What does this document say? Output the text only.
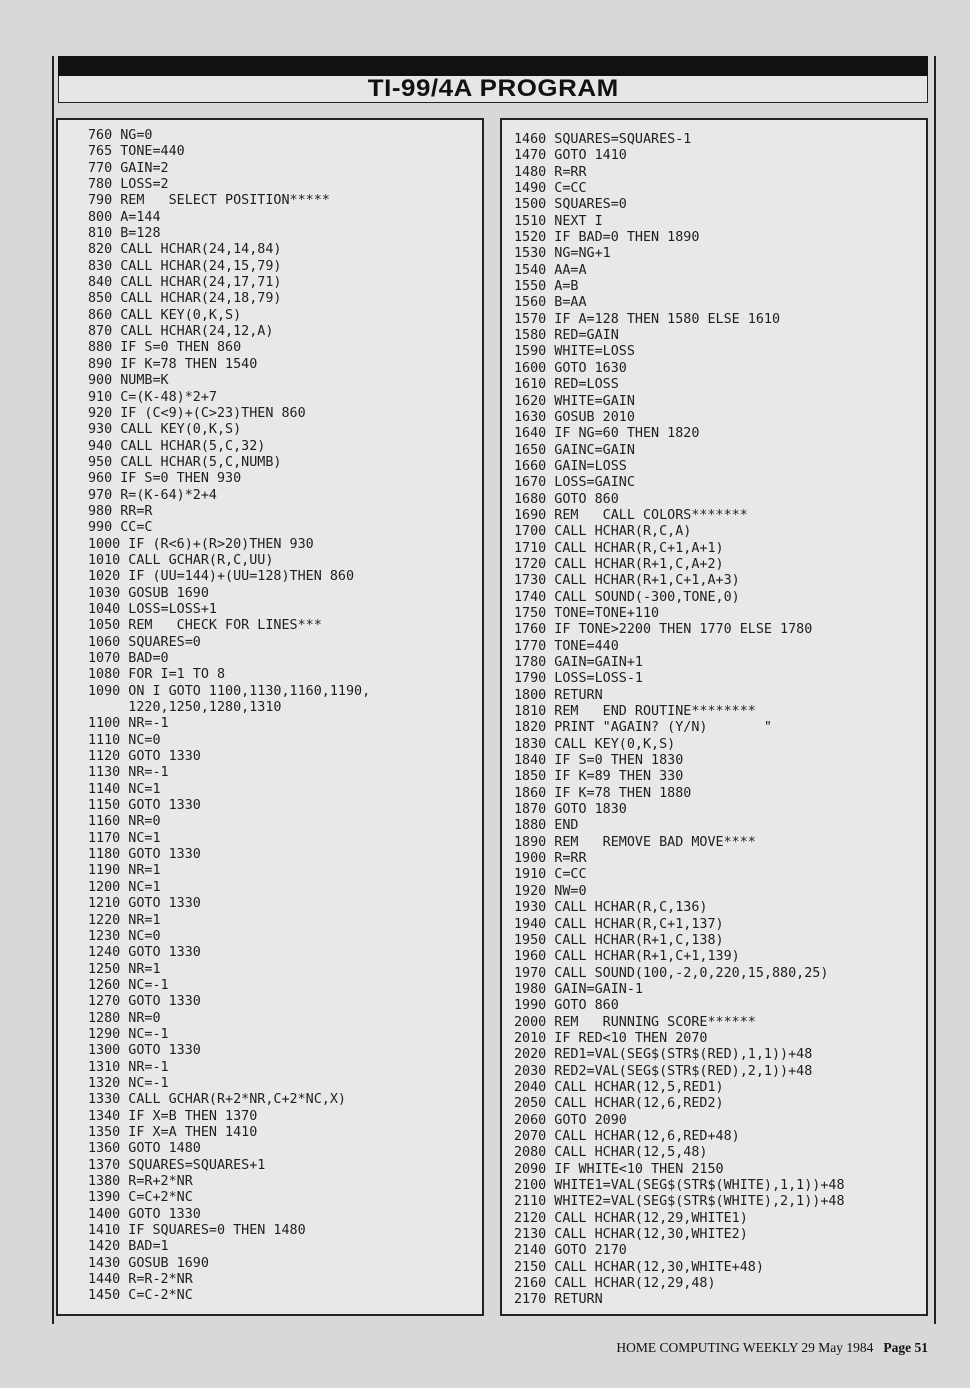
TI-99/4A PROGRAM
760 NG=0
765 TONE=440
770 GAIN=2
780 LOSS=2
790 REM   SELECT POSITION*****
800 A=144
810 B=128
820 CALL HCHAR(24,14,84)
830 CALL HCHAR(24,15,79)
840 CALL HCHAR(24,17,71)
850 CALL HCHAR(24,18,79)
860 CALL KEY(0,K,S)
870 CALL HCHAR(24,12,A)
880 IF S=0 THEN 860
890 IF K=78 THEN 1540
900 NUMB=K
910 C=(K-48)*2+7
920 IF (C<9)+(C>23)THEN 860
930 CALL KEY(0,K,S)
940 CALL HCHAR(5,C,32)
950 CALL HCHAR(5,C,NUMB)
960 IF S=0 THEN 930
970 R=(K-64)*2+4
980 RR=R
990 CC=C
1000 IF (R<6)+(R>20)THEN 930
1010 CALL GCHAR(R,C,UU)
1020 IF (UU=144)+(UU=128)THEN 860
1030 GOSUB 1690
1040 LOSS=LOSS+1
1050 REM   CHECK FOR LINES***
1060 SQUARES=0
1070 BAD=0
1080 FOR I=1 TO 8
1090 ON I GOTO 1100,1130,1160,1190,
1220,1250,1280,1310
1100 NR=-1
1110 NC=0
1120 GOTO 1330
1130 NR=-1
1140 NC=1
1150 GOTO 1330
1160 NR=0
1170 NC=1
1180 GOTO 1330
1190 NR=1
1200 NC=1
1210 GOTO 1330
1220 NR=1
1230 NC=0
1240 GOTO 1330
1250 NR=1
1260 NC=-1
1270 GOTO 1330
1280 NR=0
1290 NC=-1
1300 GOTO 1330
1310 NR=-1
1320 NC=-1
1330 CALL GCHAR(R+2*NR,C+2*NC,X)
1340 IF X=B THEN 1370
1350 IF X=A THEN 1410
1360 GOTO 1480
1370 SQUARES=SQUARES+1
1380 R=R+2*NR
1390 C=C+2*NC
1400 GOTO 1330
1410 IF SQUARES=0 THEN 1480
1420 BAD=1
1430 GOSUB 1690
1440 R=R-2*NR
1450 C=C-2*NC
1460 SQUARES=SQUARES-1
1470 GOTO 1410
1480 R=RR
1490 C=CC
1500 SQUARES=0
1510 NEXT I
1520 IF BAD=0 THEN 1890
1530 NG=NG+1
1540 AA=A
1550 A=B
1560 B=AA
1570 IF A=128 THEN 1580 ELSE 1610
1580 RED=GAIN
1590 WHITE=LOSS
1600 GOTO 1630
1610 RED=LOSS
1620 WHITE=GAIN
1630 GOSUB 2010
1640 IF NG=60 THEN 1820
1650 GAINC=GAIN
1660 GAIN=LOSS
1670 LOSS=GAINC
1680 GOTO 860
1690 REM   CALL COLORS*******
1700 CALL HCHAR(R,C,A)
1710 CALL HCHAR(R,C+1,A+1)
1720 CALL HCHAR(R+1,C,A+2)
1730 CALL HCHAR(R+1,C+1,A+3)
1740 CALL SOUND(-300,TONE,0)
1750 TONE=TONE+110
1760 IF TONE>2200 THEN 1770 ELSE 1780
1770 TONE=440
1780 GAIN=GAIN+1
1790 LOSS=LOSS-1
1800 RETURN
1810 REM   END ROUTINE********
1820 PRINT "AGAIN? (Y/N)       "
1830 CALL KEY(0,K,S)
1840 IF S=0 THEN 1830
1850 IF K=89 THEN 330
1860 IF K=78 THEN 1880
1870 GOTO 1830
1880 END
1890 REM   REMOVE BAD MOVE****
1900 R=RR
1910 C=CC
1920 NW=0
1930 CALL HCHAR(R,C,136)
1940 CALL HCHAR(R,C+1,137)
1950 CALL HCHAR(R+1,C,138)
1960 CALL HCHAR(R+1,C+1,139)
1970 CALL SOUND(100,-2,0,220,15,880,25)
1980 GAIN=GAIN-1
1990 GOTO 860
2000 REM   RUNNING SCORE******
2010 IF RED<10 THEN 2070
2020 RED1=VAL(SEG$(STR$(RED),1,1))+48
2030 RED2=VAL(SEG$(STR$(RED),2,1))+48
2040 CALL HCHAR(12,5,RED1)
2050 CALL HCHAR(12,6,RED2)
2060 GOTO 2090
2070 CALL HCHAR(12,6,RED+48)
2080 CALL HCHAR(12,5,48)
2090 IF WHITE<10 THEN 2150
2100 WHITE1=VAL(SEG$(STR$(WHITE),1,1))+48
2110 WHITE2=VAL(SEG$(STR$(WHITE),2,1))+48
2120 CALL HCHAR(12,29,WHITE1)
2130 CALL HCHAR(12,30,WHITE2)
2140 GOTO 2170
2150 CALL HCHAR(12,30,WHITE+48)
2160 CALL HCHAR(12,29,48)
2170 RETURN
HOME COMPUTING WEEKLY 29 May 1984 Page 51
